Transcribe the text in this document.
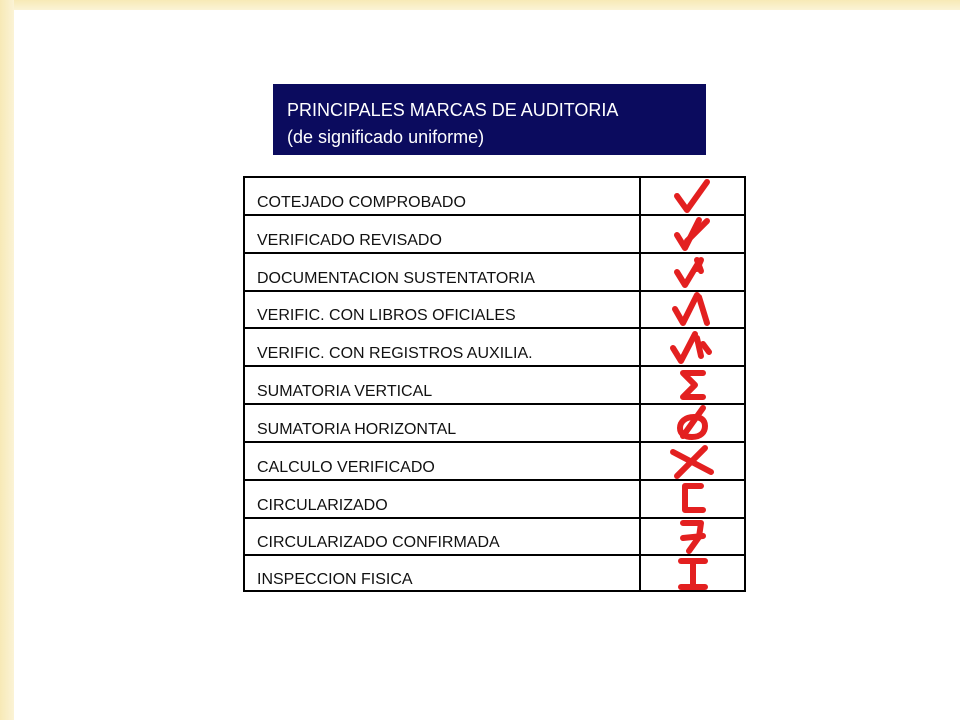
PRINCIPALES MARCAS DE AUDITORIA
(de significado uniforme)
COTEJADO COMPROBADO
VERIFICADO REVISADO
DOCUMENTACION SUSTENTATORIA
VERIFIC. CON LIBROS OFICIALES
VERIFIC. CON REGISTROS AUXILIA.
SUMATORIA VERTICAL
SUMATORIA HORIZONTAL
CALCULO VERIFICADO
CIRCULARIZADO
CIRCULARIZADO CONFIRMADA
INSPECCION FISICA
